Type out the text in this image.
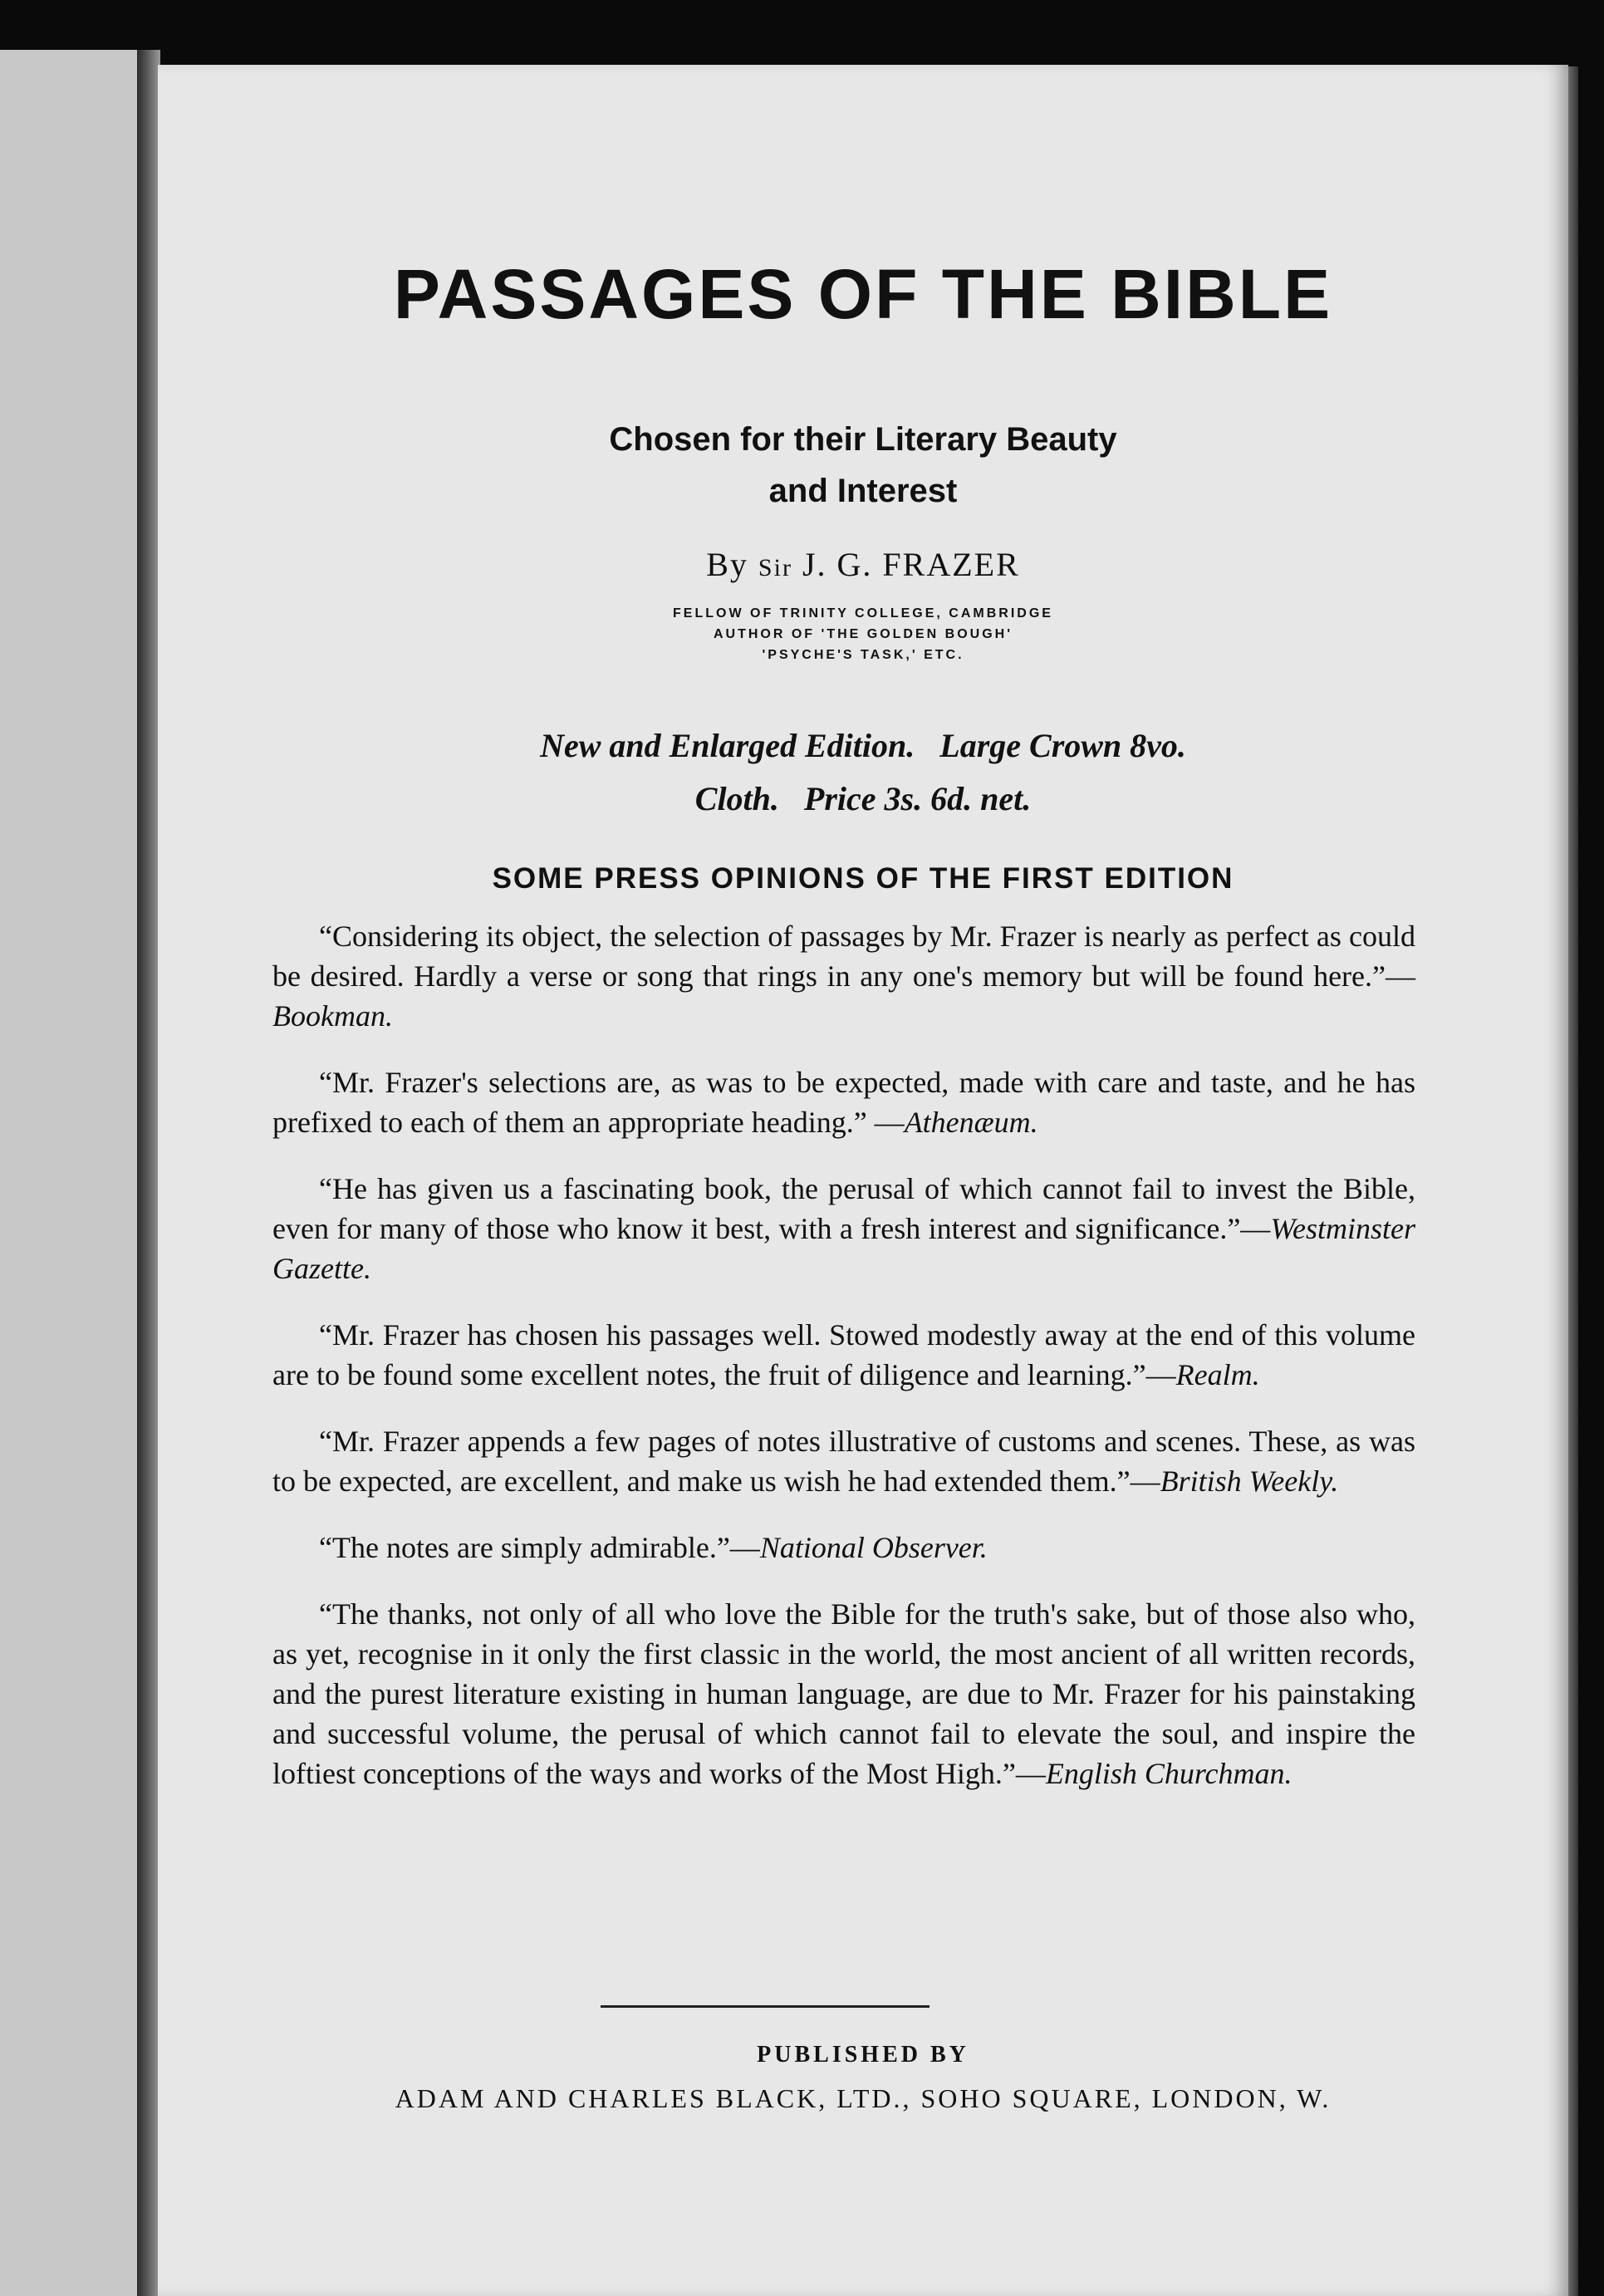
PASSAGES OF THE BIBLE
Chosen for their Literary Beauty
and Interest
By Sir J. G. FRAZER
FELLOW OF TRINITY COLLEGE, CAMBRIDGE
AUTHOR OF 'THE GOLDEN BOUGH'
'PSYCHE'S TASK,' ETC.
New and Enlarged Edition.   Large Crown 8vo.
Cloth.   Price 3s. 6d. net.
SOME PRESS OPINIONS OF THE FIRST EDITION

“Considering its object, the selection of passages by Mr. Frazer is nearly as perfect as could be desired. Hardly a verse or song that rings in any one's memory but will be found here.”—Bookman.

“Mr. Frazer's selections are, as was to be expected, made with care and taste, and he has prefixed to each of them an appropriate heading.” —Athenæum.

“He has given us a fascinating book, the perusal of which cannot fail to invest the Bible, even for many of those who know it best, with a fresh interest and significance.”—Westminster Gazette.

“Mr. Frazer has chosen his passages well. Stowed modestly away at the end of this volume are to be found some excellent notes, the fruit of diligence and learning.”—Realm.

“Mr. Frazer appends a few pages of notes illustrative of customs and scenes. These, as was to be expected, are excellent, and make us wish he had extended them.”—British Weekly.

“The notes are simply admirable.”—National Observer.

“The thanks, not only of all who love the Bible for the truth's sake, but of those also who, as yet, recognise in it only the first classic in the world, the most ancient of all written records, and the purest literature existing in human language, are due to Mr. Frazer for his painstaking and successful volume, the perusal of which cannot fail to elevate the soul, and inspire the loftiest conceptions of the ways and works of the Most High.”—English Churchman.

PUBLISHED BY
ADAM AND CHARLES BLACK, LTD., SOHO SQUARE, LONDON, W.
